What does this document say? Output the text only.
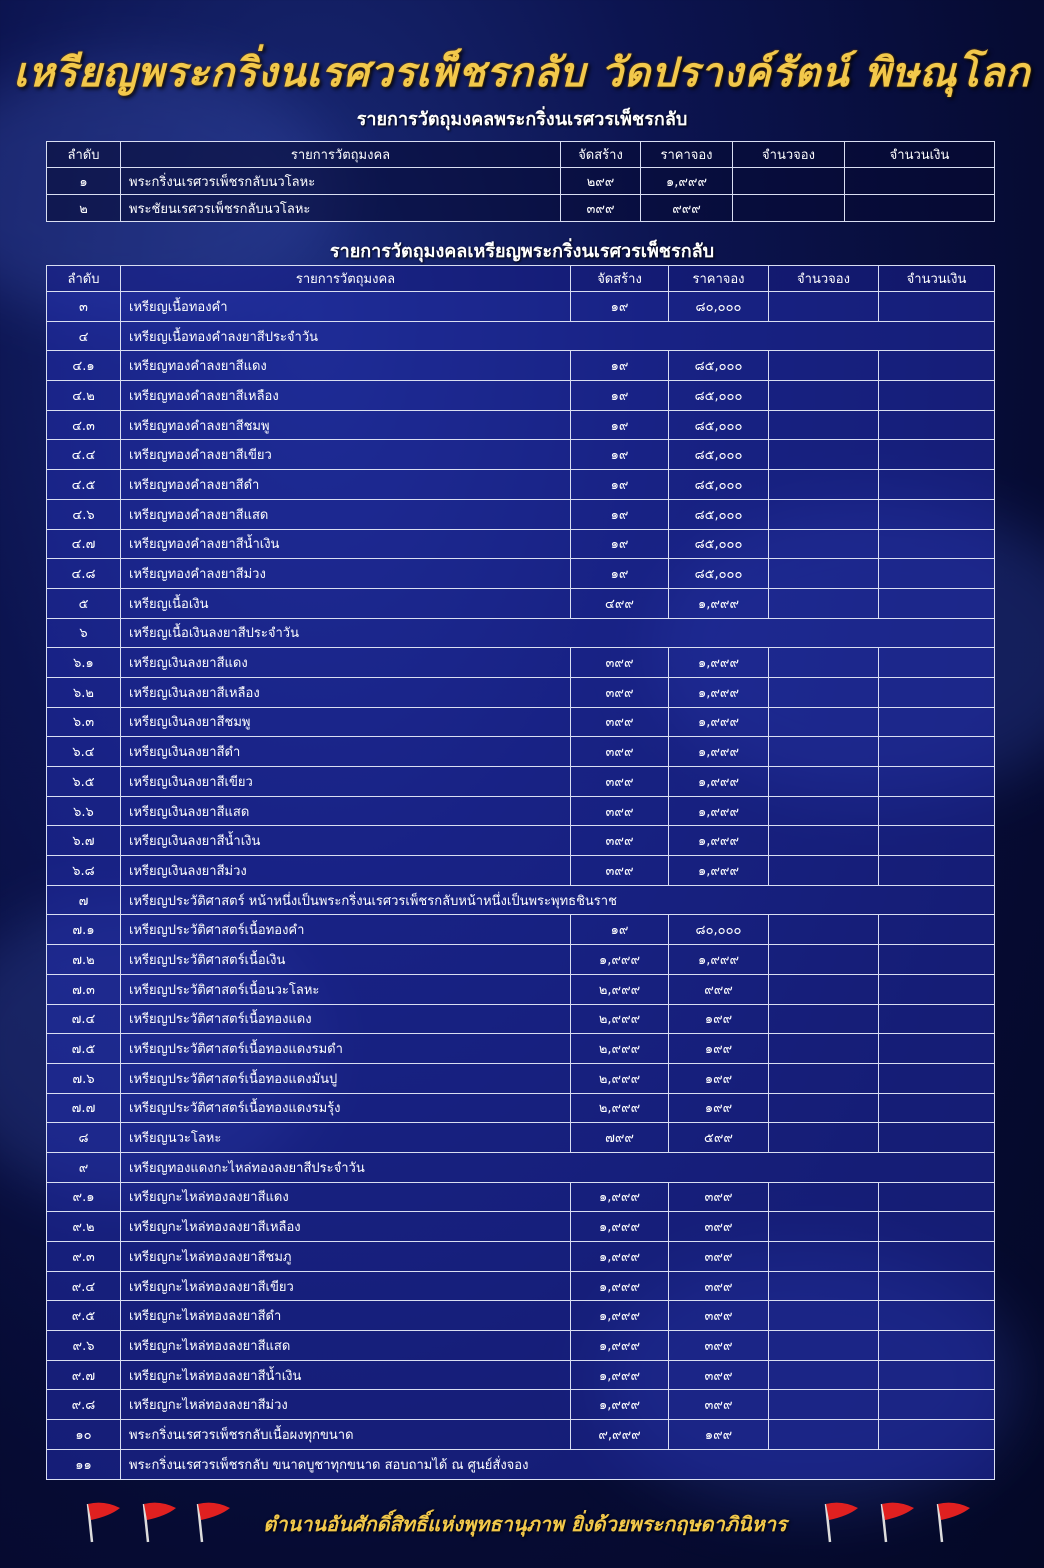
เหรียญพระกริ่งนเรศวรเพ็ชรกลับ วัดปรางค์รัตน์ พิษณุโลก
รายการวัตถุมงคลพระกริ่งนเรศวรเพ็ชรกลับ
ลำดับ	รายการวัตถุมงคล	จัดสร้าง	ราคาจอง	จำนวจอง	จำนวนเงิน
๑	พระกริ่งนเรศวรเพ็ชรกลับนวโลหะ	๒๙๙	๑,๙๙๙		
๒	พระชัยนเรศวรเพ็ชรกลับนวโลหะ	๓๙๙	๙๙๙		
รายการวัตถุมงคลเหรียญพระกริ่งนเรศวรเพ็ชรกลับ
ลำดับ	รายการวัตถุมงคล	จัดสร้าง	ราคาจอง	จำนวจอง	จำนวนเงิน
๓	เหรียญเนื้อทองคำ	๑๙	๘๐,๐๐๐		
๔	เหรียญเนื้อทองคำลงยาสีประจำวัน				
๔.๑	เหรียญทองคำลงยาสีแดง	๑๙	๘๕,๐๐๐		
๔.๒	เหรียญทองคำลงยาสีเหลือง	๑๙	๘๕,๐๐๐		
๔.๓	เหรียญทองคำลงยาสีชมพู	๑๙	๘๕,๐๐๐		
๔.๔	เหรียญทองคำลงยาสีเขียว	๑๙	๘๕,๐๐๐		
๔.๕	เหรียญทองคำลงยาสีดำ	๑๙	๘๕,๐๐๐		
๔.๖	เหรียญทองคำลงยาสีแสด	๑๙	๘๕,๐๐๐		
๔.๗	เหรียญทองคำลงยาสีน้ำเงิน	๑๙	๘๕,๐๐๐		
๔.๘	เหรียญทองคำลงยาสีม่วง	๑๙	๘๕,๐๐๐		
๕	เหรียญเนื้อเงิน	๔๙๙	๑,๙๙๙		
๖	เหรียญเนื้อเงินลงยาสีประจำวัน				
๖.๑	เหรียญเงินลงยาสีแดง	๓๙๙	๑,๙๙๙		
๖.๒	เหรียญเงินลงยาสีเหลือง	๓๙๙	๑,๙๙๙		
๖.๓	เหรียญเงินลงยาสีชมพู	๓๙๙	๑,๙๙๙		
๖.๔	เหรียญเงินลงยาสีดำ	๓๙๙	๑,๙๙๙		
๖.๕	เหรียญเงินลงยาสีเขียว	๓๙๙	๑,๙๙๙		
๖.๖	เหรียญเงินลงยาสีแสด	๓๙๙	๑,๙๙๙		
๖.๗	เหรียญเงินลงยาสีน้ำเงิน	๓๙๙	๑,๙๙๙		
๖.๘	เหรียญเงินลงยาสีม่วง	๓๙๙	๑,๙๙๙		
๗	เหรียญประวัติศาสตร์ หน้าหนึ่งเป็นพระกริ่งนเรศวรเพ็ชรกลับหน้าหนึ่งเป็นพระพุทธชินราช				
๗.๑	เหรียญประวัติศาสตร์เนื้อทองคำ	๑๙	๘๐,๐๐๐		
๗.๒	เหรียญประวัติศาสตร์เนื้อเงิน	๑,๙๙๙	๑,๙๙๙		
๗.๓	เหรียญประวัติศาสตร์เนื้อนวะโลหะ	๒,๙๙๙	๙๙๙		
๗.๔	เหรียญประวัติศาสตร์เนื้อทองแดง	๒,๙๙๙	๑๙๙		
๗.๕	เหรียญประวัติศาสตร์เนื้อทองแดงรมดำ	๒,๙๙๙	๑๙๙		
๗.๖	เหรียญประวัติศาสตร์เนื้อทองแดงมันปู	๒,๙๙๙	๑๙๙		
๗.๗	เหรียญประวัติศาสตร์เนื้อทองแดงรมรุ้ง	๒,๙๙๙	๑๙๙		
๘	เหรียญนวะโลหะ	๗๙๙	๕๙๙		
๙	เหรียญทองแดงกะไหล่ทองลงยาสีประจำวัน				
๙.๑	เหรียญกะไหล่ทองลงยาสีแดง	๑,๙๙๙	๓๙๙		
๙.๒	เหรียญกะไหล่ทองลงยาสีเหลือง	๑,๙๙๙	๓๙๙		
๙.๓	เหรียญกะไหล่ทองลงยาสีชมภู	๑,๙๙๙	๓๙๙		
๙.๔	เหรียญกะไหล่ทองลงยาสีเขียว	๑,๙๙๙	๓๙๙		
๙.๕	เหรียญกะไหล่ทองลงยาสีดำ	๑,๙๙๙	๓๙๙		
๙.๖	เหรียญกะไหล่ทองลงยาสีแสด	๑,๙๙๙	๓๙๙		
๙.๗	เหรียญกะไหล่ทองลงยาสีน้ำเงิน	๑,๙๙๙	๓๙๙		
๙.๘	เหรียญกะไหล่ทองลงยาสีม่วง	๑,๙๙๙	๓๙๙		
๑๐	พระกริ่งนเรศวรเพ็ชรกลับเนื้อผงทุกขนาด	๙,๙๙๙	๑๙๙		
๑๑	พระกริ่งนเรศวรเพ็ชรกลับ ขนาดบูชาทุกขนาด สอบถามได้ ณ ศูนย์สั่งจอง				
ตำนานอันศักดิ์สิทธิ์แห่งพุทธานุภาพ ยิ่งด้วยพระกฤษดาภินิหาร
